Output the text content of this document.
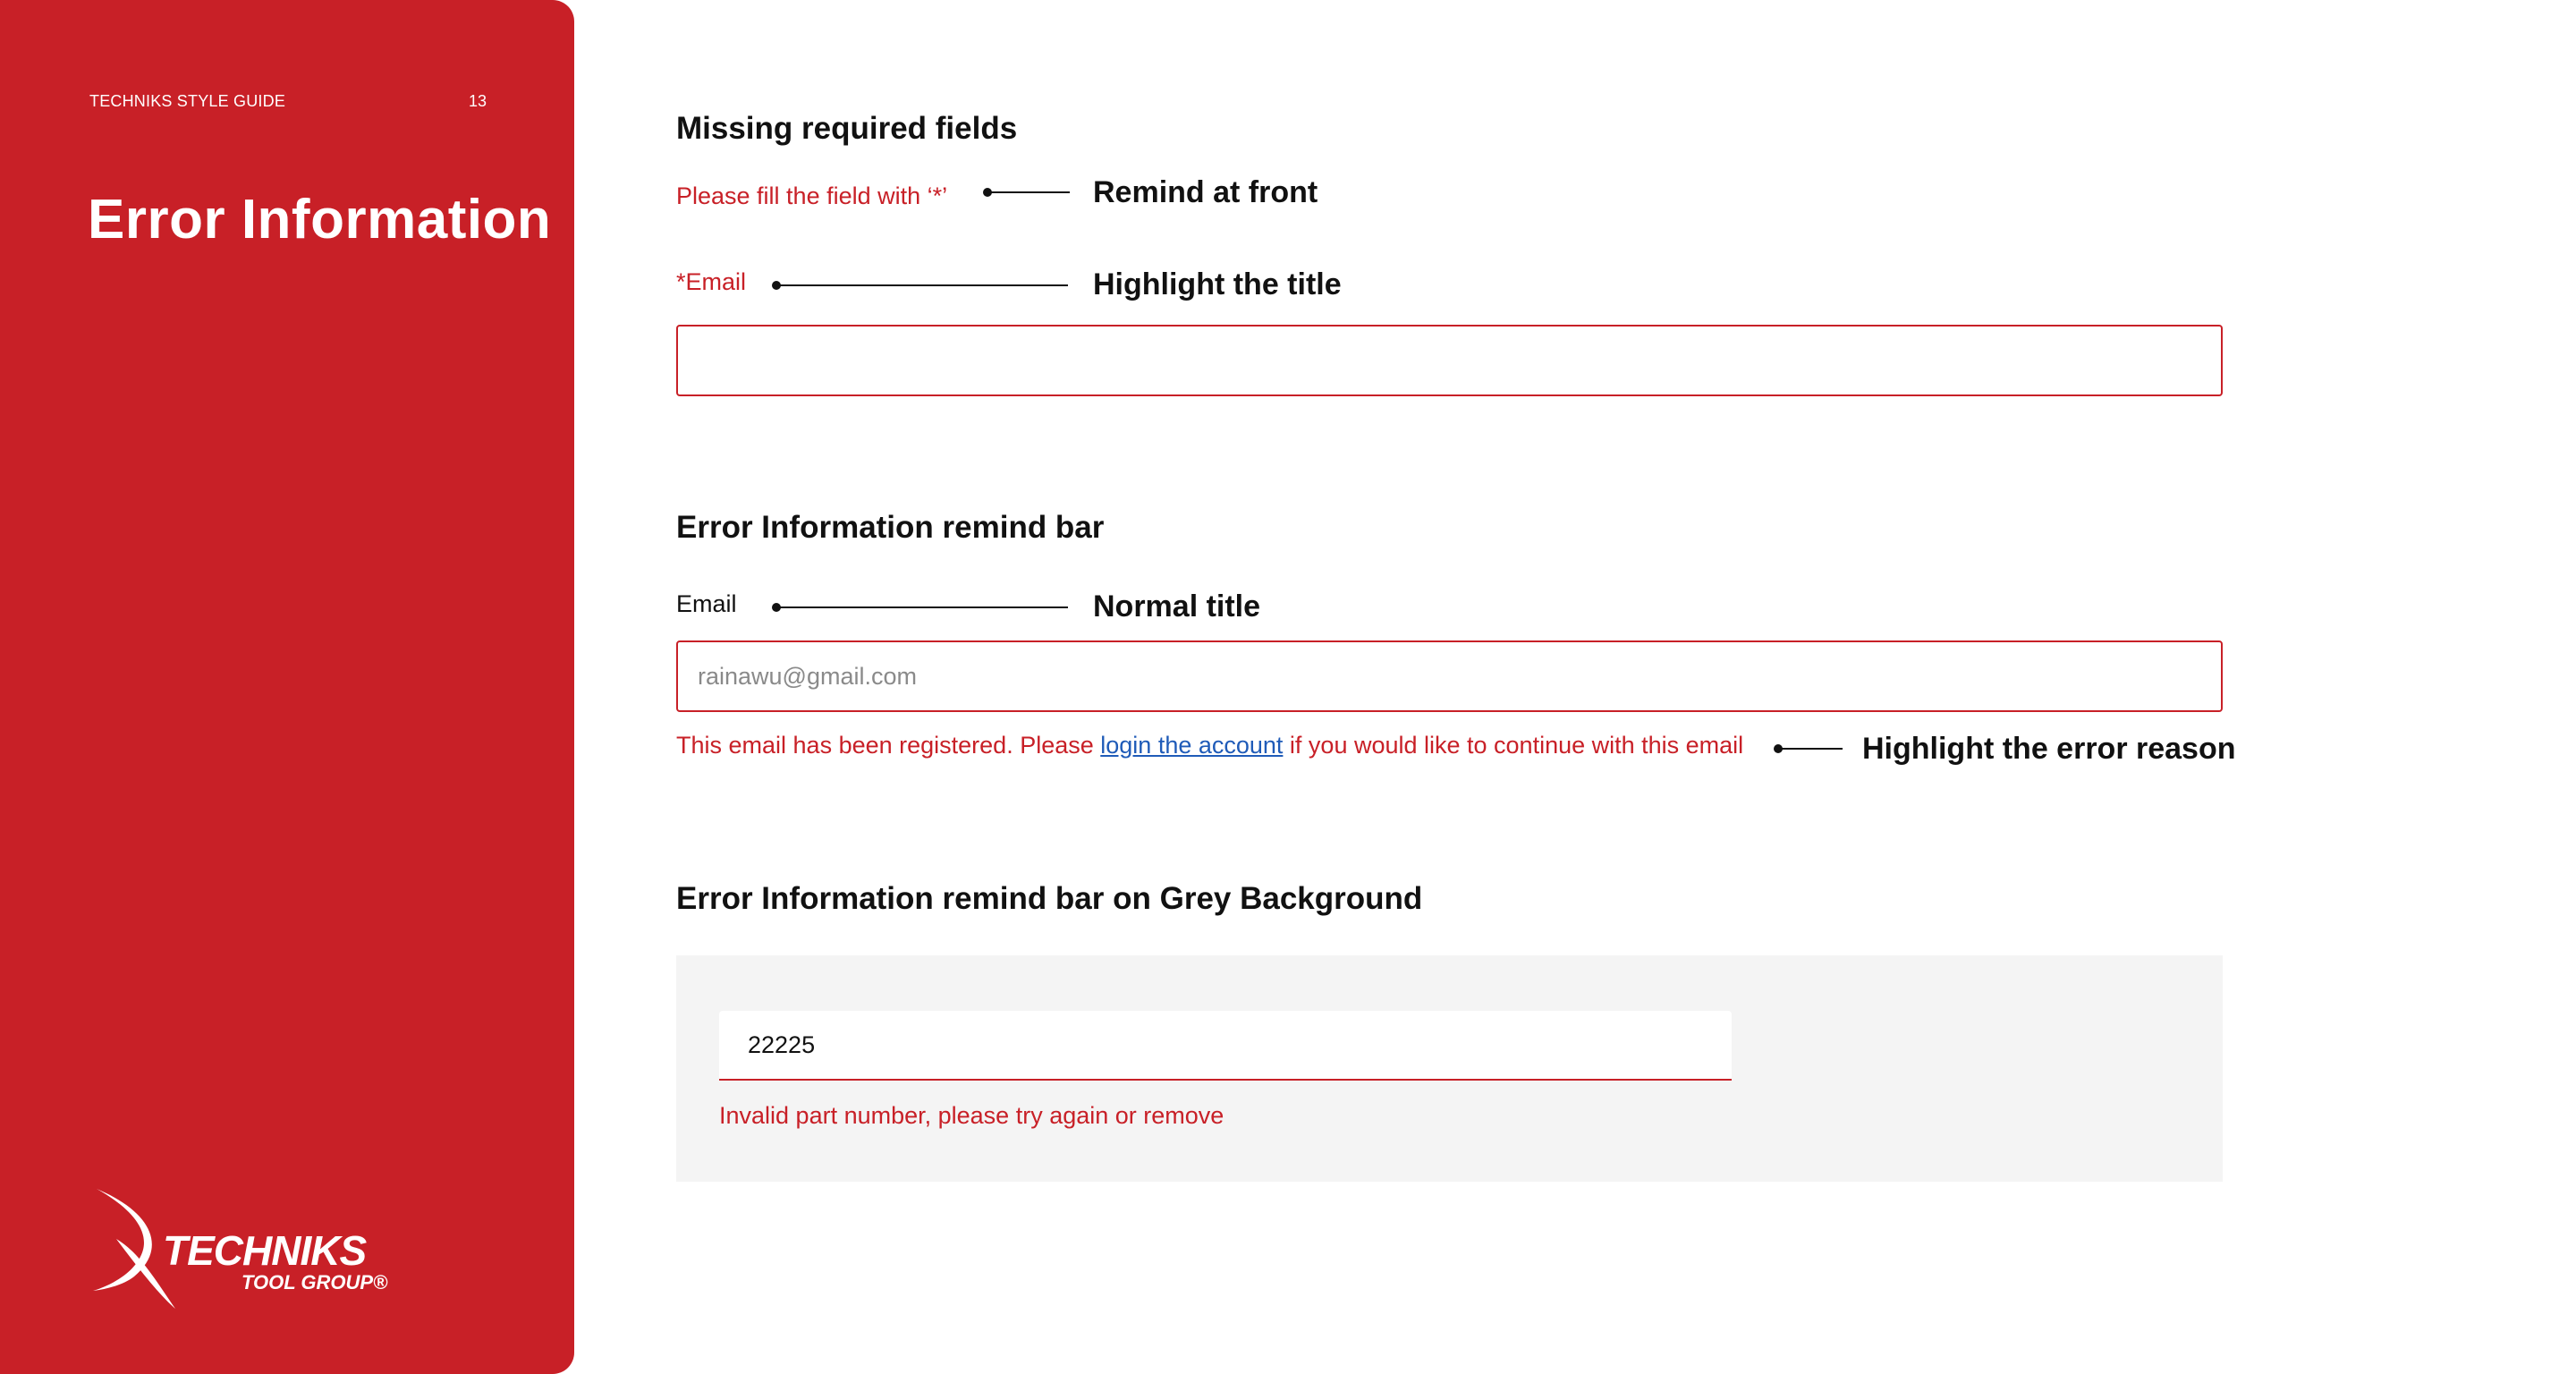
TECHNIKS STYLE GUIDE	13
Error Information
TECHNIKS
TOOL GROUP®
Missing required fields
Please fill the field with ‘*’	Remind at front
*Email	Highlight the title
Error Information remind bar
Email	Normal title
rainawu@gmail.com
This email has been registered. Please login the account if you would like to continue with this email	Highlight the error reason
Error Information remind bar on Grey Background
22225
Invalid part number, please try again or remove
